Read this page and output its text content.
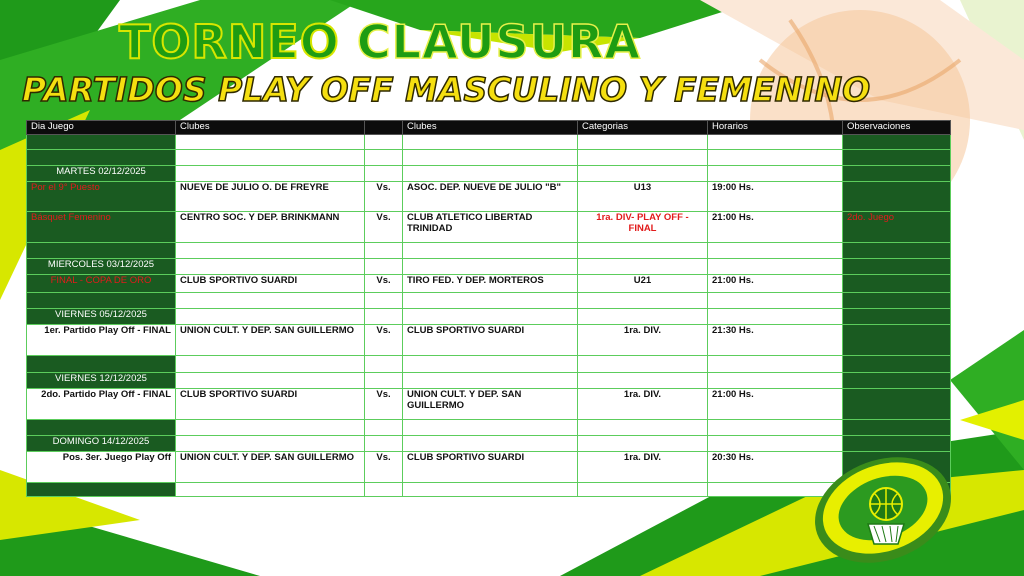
TORNEO CLAUSURA
PARTIDOS PLAY OFF MASCULINO Y FEMENINO
Dia Juego	Clubes		Clubes	Categorias	Horarios	Observaciones

MARTES 02/12/2025						
Por el 9° Puesto	NUEVE DE JULIO O. DE FREYRE	Vs.	ASOC. DEP. NUEVE DE JULIO "B"	U13	19:00 Hs.	
Básquet Femenino	CENTRO SOC. Y DEP. BRINKMANN	Vs.	CLUB ATLETICO LIBERTAD TRINIDAD	1ra. DIV- PLAY OFF - FINAL	21:00 Hs.	2do. Juego

MIERCOLES 03/12/2025						
FINAL - COPA DE ORO	CLUB SPORTIVO SUARDI	Vs.	TIRO FED. Y DEP. MORTEROS	U21	21:00 Hs.	

VIERNES 05/12/2025						
1er. Partido Play Off - FINAL	UNION CULT. Y DEP. SAN GUILLERMO	Vs.	CLUB SPORTIVO SUARDI	1ra. DIV.	21:30 Hs.	

VIERNES 12/12/2025						
2do. Partido Play Off - FINAL	CLUB SPORTIVO SUARDI	Vs.	UNION CULT. Y DEP. SAN GUILLERMO	1ra. DIV.	21:00 Hs.	

DOMINGO 14/12/2025						
Pos. 3er. Juego Play Off	UNION CULT. Y DEP. SAN GUILLERMO	Vs.	CLUB SPORTIVO SUARDI	1ra. DIV.	20:30 Hs.	
